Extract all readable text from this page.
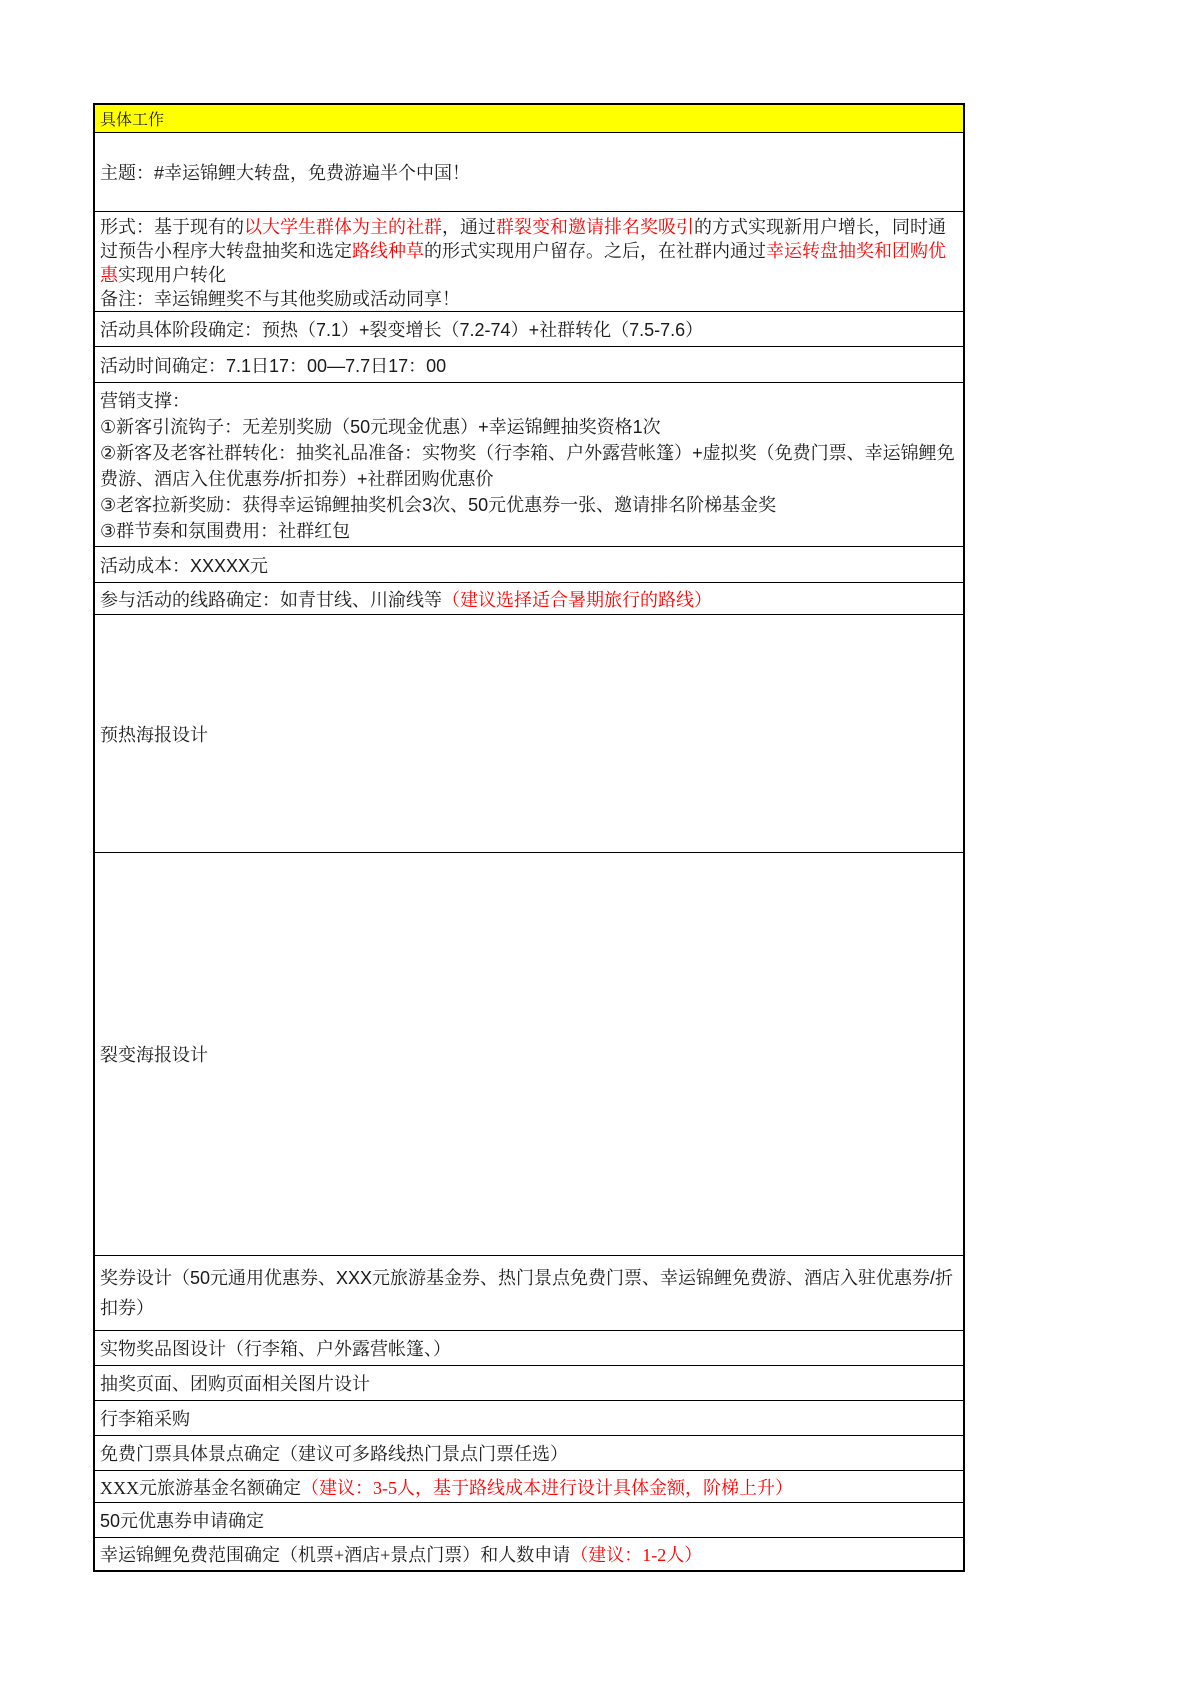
具体工作
主题：#幸运锦鲤大转盘，免费游遍半个中国！
形式：基于现有的以大学生群体为主的社群，通过群裂变和邀请排名奖吸引的方式实现新用户增长，同时通过预告小程序大转盘抽奖和选定路线种草的形式实现用户留存。之后，在社群内通过幸运转盘抽奖和团购优惠实现用户转化
备注：幸运锦鲤奖不与其他奖励或活动同享！
活动具体阶段确定：预热（7.1）+裂变增长（7.2-74）+社群转化（7.5-7.6）
活动时间确定：7.1日17：00—7.7日17：00
营销支撑：
①新客引流钩子：无差别奖励（50元现金优惠）+幸运锦鲤抽奖资格1次
②新客及老客社群转化：抽奖礼品准备：实物奖（行李箱、户外露营帐篷）+虚拟奖（免费门票、幸运锦鲤免费游、酒店入住优惠券/折扣券）+社群团购优惠价
③老客拉新奖励：获得幸运锦鲤抽奖机会3次、50元优惠券一张、邀请排名阶梯基金奖
③群节奏和氛围费用：社群红包
活动成本：XXXXX元
参与活动的线路确定：如青甘线、川渝线等（建议选择适合暑期旅行的路线）
预热海报设计
裂变海报设计
奖券设计（50元通用优惠券、XXX元旅游基金券、热门景点免费门票、幸运锦鲤免费游、酒店入驻优惠券/折扣券）
实物奖品图设计（行李箱、户外露营帐篷、）
抽奖页面、团购页面相关图片设计
行李箱采购
免费门票具体景点确定（建议可多路线热门景点门票任选）
XXX元旅游基金名额确定（建议：3-5人，基于路线成本进行设计具体金额，阶梯上升）
50元优惠券申请确定
幸运锦鲤免费范围确定（机票+酒店+景点门票）和人数申请（建议：1-2人）
